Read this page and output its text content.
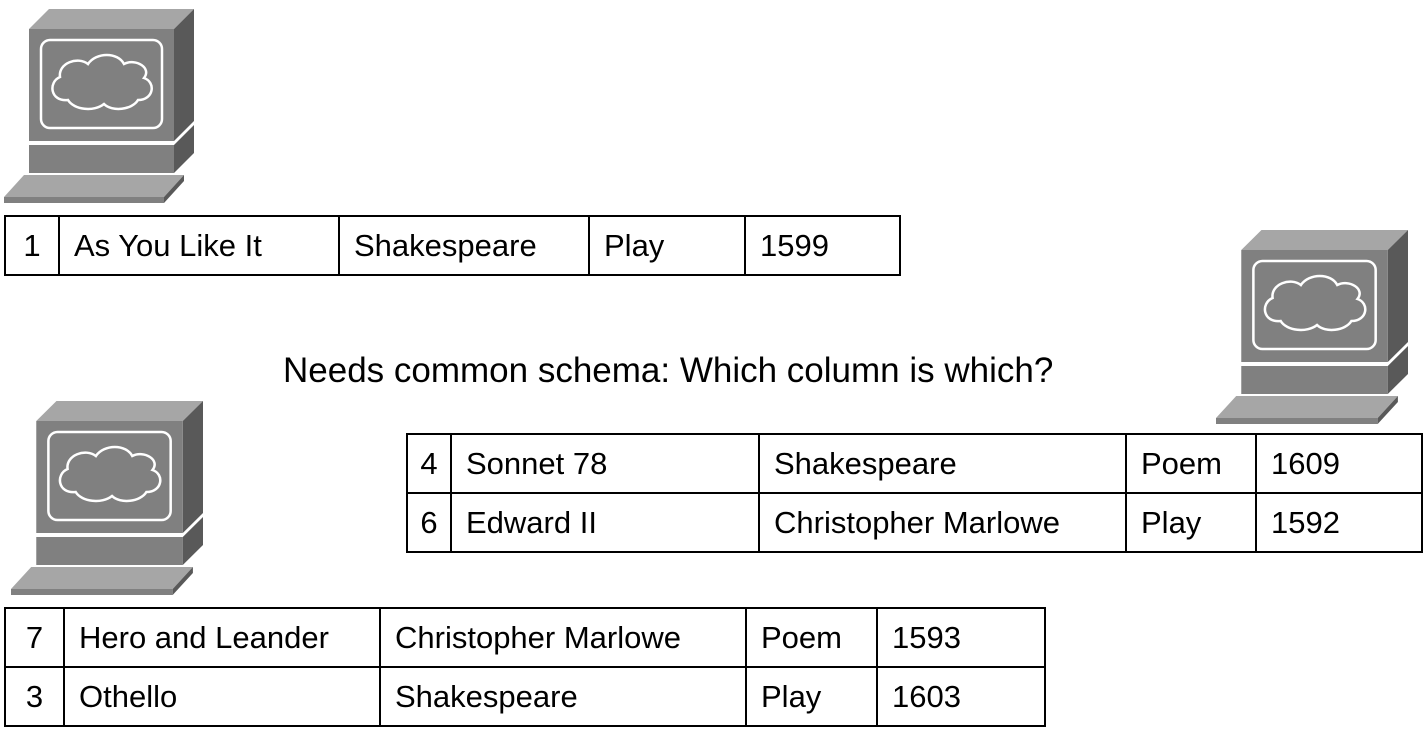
1	As You Like It	Shakespeare	Play	1599
Needs common schema: Which column is which?
4	Sonnet 78	Shakespeare	Poem	1609
6	Edward II	Christopher Marlowe	Play	1592
7	Hero and Leander	Christopher Marlowe	Poem	1593
3	Othello	Shakespeare	Play	1603
